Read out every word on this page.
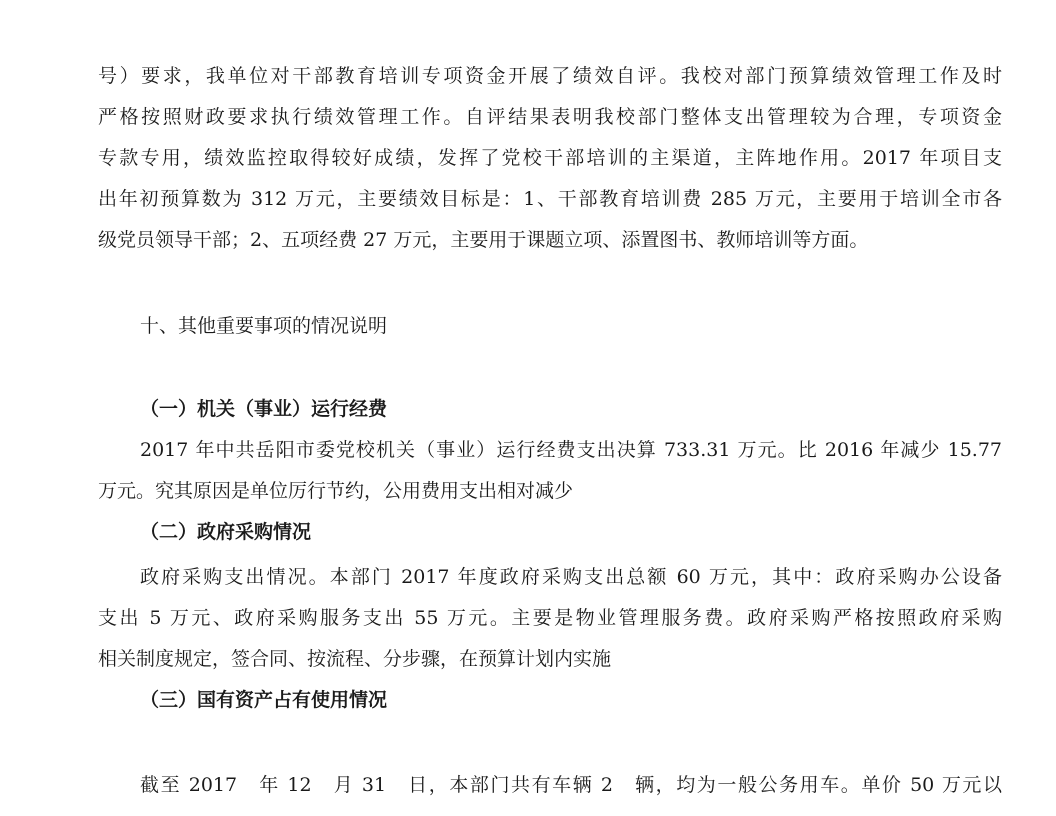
号）要求，我单位对干部教育培训专项资金开展了绩效自评。我校对部门预算绩效管理工作及时
严格按照财政要求执行绩效管理工作。自评结果表明我校部门整体支出管理较为合理，专项资金
专款专用，绩效监控取得较好成绩，发挥了党校干部培训的主渠道，主阵地作用。2017 年项目支
出年初预算数为 312 万元，主要绩效目标是：1、干部教育培训费 285 万元，主要用于培训全市各
级党员领导干部；2、五项经费 27 万元，主要用于课题立项、添置图书、教师培训等方面。
十、其他重要事项的情况说明
（一）机关（事业）运行经费
2017 年中共岳阳市委党校机关（事业）运行经费支出决算 733.31 万元。比 2016 年减少 15.77
万元。究其原因是单位厉行节约，公用费用支出相对减少
（二）政府采购情况
政府采购支出情况。本部门 2017 年度政府采购支出总额 60 万元，其中：政府采购办公设备
支出 5 万元、政府采购服务支出 55 万元。主要是物业管理服务费。政府采购严格按照政府采购
相关制度规定，签合同、按流程、分步骤，在预算计划内实施
（三）国有资产占有使用情况
截至 2017　年 12　月 31　日，本部门共有车辆 2　辆，均为一般公务用车。单价 50 万元以
